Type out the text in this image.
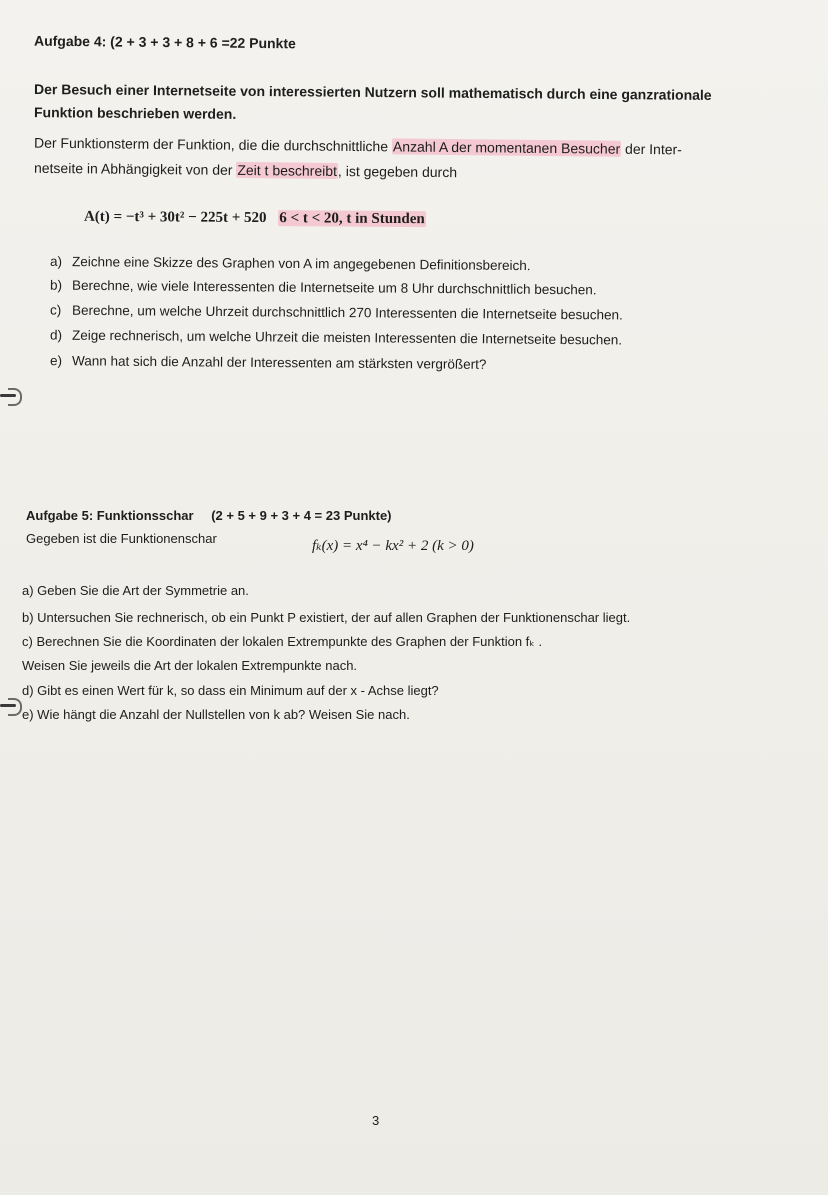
Aufgabe 4: (2 + 3 + 3 + 8 + 6 =22 Punkte
Der Besuch einer Internetseite von interessierten Nutzern soll mathematisch durch eine ganzrationale
Funktion beschrieben werden.
Der Funktionsterm der Funktion, die die durchschnittliche Anzahl A der momentanen Besucher der Inter-
netseite in Abhängigkeit von der Zeit t beschreibt, ist gegeben durch
A(t) = −t³ + 30t² − 225t + 520 6 < t < 20, t in Stunden
a) Zeichne eine Skizze des Graphen von A im angegebenen Definitionsbereich.
b) Berechne, wie viele Interessenten die Internetseite um 8 Uhr durchschnittlich besuchen.
c) Berechne, um welche Uhrzeit durchschnittlich 270 Interessenten die Internetseite besuchen.
d) Zeige rechnerisch, um welche Uhrzeit die meisten Interessenten die Internetseite besuchen.
e) Wann hat sich die Anzahl der Interessenten am stärksten vergrößert?
Aufgabe 5: Funktionsschar (2 + 5 + 9 + 3 + 4 = 23 Punkte)
Gegeben ist die Funktionenschar	fₖ(x) = x⁴ − kx² + 2 (k > 0)
a) Geben Sie die Art der Symmetrie an.
b) Untersuchen Sie rechnerisch, ob ein Punkt P existiert, der auf allen Graphen der Funktionenschar liegt.
c) Berechnen Sie die Koordinaten der lokalen Extrempunkte des Graphen der Funktion fₖ .
Weisen Sie jeweils die Art der lokalen Extrempunkte nach.
d) Gibt es einen Wert für k, so dass ein Minimum auf der x - Achse liegt?
e) Wie hängt die Anzahl der Nullstellen von k ab? Weisen Sie nach.
3
